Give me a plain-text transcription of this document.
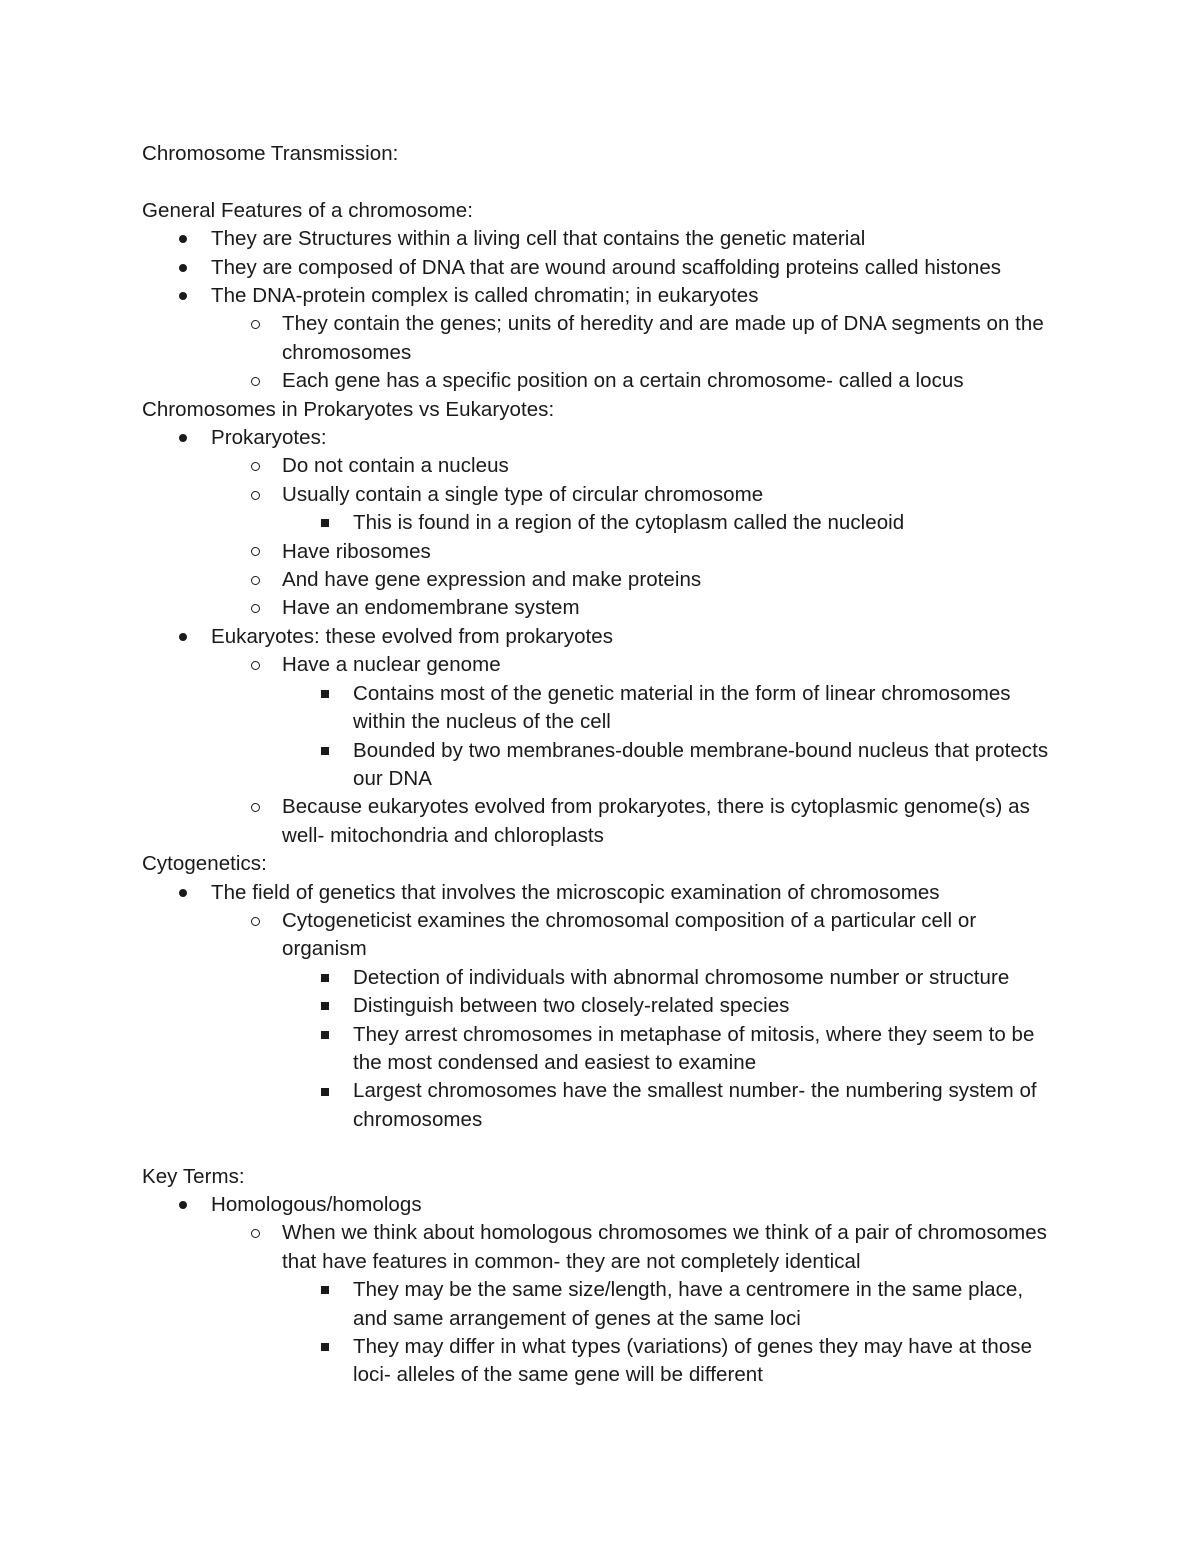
Chromosome Transmission:

General Features of a chromosome:

They are Structures within a living cell that contains the genetic material
They are composed of DNA that are wound around scaffolding proteins called histones
The DNA-protein complex is called chromatin; in eukaryotes
They contain the genes; units of heredity and are made up of DNA segments on the chromosomes
Each gene has a specific position on a certain chromosome- called a locus

Chromosomes in Prokaryotes vs Eukaryotes:

Prokaryotes:
Do not contain a nucleus
Usually contain a single type of circular chromosome
This is found in a region of the cytoplasm called the nucleoid
Have ribosomes
And have gene expression and make proteins
Have an endomembrane system
Eukaryotes: these evolved from prokaryotes
Have a nuclear genome
Contains most of the genetic material in the form of linear chromosomes within the nucleus of the cell
Bounded by two membranes-double membrane-bound nucleus that protects our DNA
Because eukaryotes evolved from prokaryotes, there is cytoplasmic genome(s) as well- mitochondria and chloroplasts

Cytogenetics:

The field of genetics that involves the microscopic examination of chromosomes
Cytogeneticist examines the chromosomal composition of a particular cell or organism
Detection of individuals with abnormal chromosome number or structure
Distinguish between two closely-related species
They arrest chromosomes in metaphase of mitosis, where they seem to be the most condensed and easiest to examine
Largest chromosomes have the smallest number- the numbering system of chromosomes

Key Terms:

Homologous/homologs
When we think about homologous chromosomes we think of a pair of chromosomes that have features in common- they are not completely identical
They may be the same size/length, have a centromere in the same place, and same arrangement of genes at the same loci
They may differ in what types (variations) of genes they may have at those loci- alleles of the same gene will be different
